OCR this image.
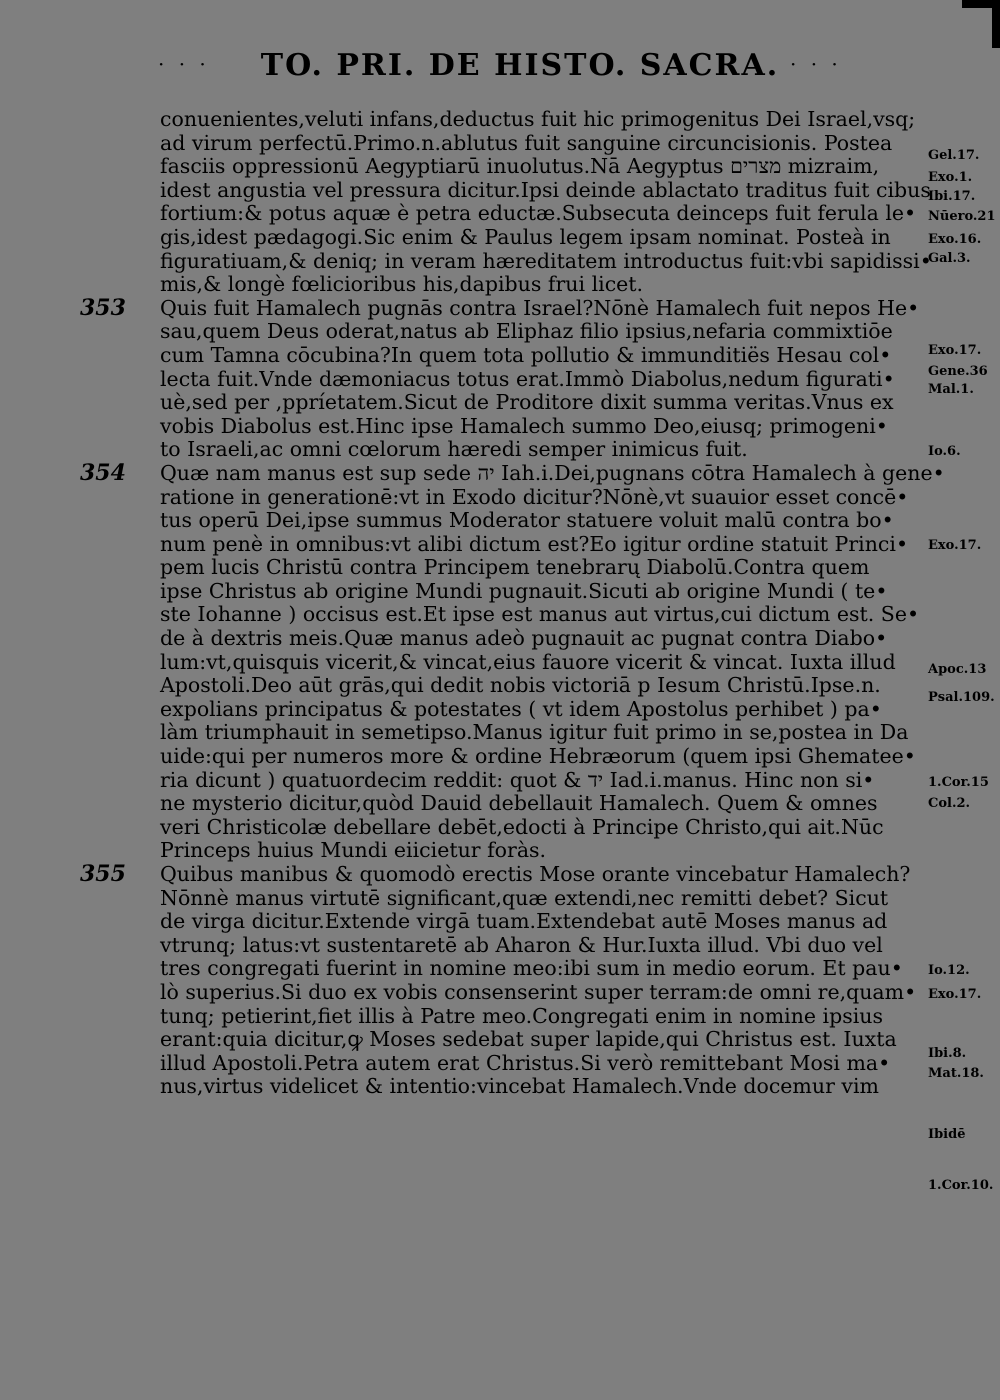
· · ·	TO. PRI. DE HISTO. SACRA. · · ·
conuenientes,veluti infans,deductus fuit hic primogenitus Dei Israel,vsq;
ad virum perfectū.Primo.n.ablutus fuit sanguine circuncisionis. Postea
fasciis oppressionū Aegyptiarū inuolutus.Nā Aegyptus מצרים mizraim,
idest angustia vel pressura dicitur.Ipsi deinde ablactato traditus fuit cibus
fortium:& potus aquæ è petra eductæ.Subsecuta deinceps fuit ferula le•
gis,idest pædagogi.Sic enim & Paulus legem ipsam nominat. Posteà in
figuratiuam,& deniq; in veram hæreditatem introductus fuit:vbi sapidissi•
mis,& longè fœlicioribus his,dapibus frui licet.
353 Quis fuit Hamalech pugnās contra Israel?Nōnè Hamalech fuit nepos He•
sau,quem Deus oderat,natus ab Eliphaz filio ipsius,nefaria commixtiōe
cum Tamna cōcubina?In quem tota pollutio & immunditiës Hesau col•
lecta fuit.Vnde dæmoniacus totus erat.Immò Diabolus,nedum figurati•
uè,sed per ,ppríetatem.Sicut de Proditore dixit summa veritas.Vnus ex
vobis Diabolus est.Hinc ipse Hamalech summo Deo,eiusq; primogeni•
to Israeli,ac omni cœlorum hæredi semper inimicus fuit.
354 Quæ nam manus est sup sede יה Iah.i.Dei,pugnans cōtra Hamalech à gene•
ratione in generationē:vt in Exodo dicitur?Nōnè,vt suauior esset concē•
tus operū Dei,ipse summus Moderator statuere voluit malū contra bo•
num penè in omnibus:vt alibi dictum est?Eo igitur ordine statuit Princi•
pem lucis Christū contra Principem tenebrarų Diabolū.Contra quem
ipse Christus ab origine Mundi pugnauit.Sicuti ab origine Mundi ( te•
ste Iohanne ) occisus est.Et ipse est manus aut virtus,cui dictum est. Se•
de à dextris meis.Quæ manus adeò pugnauit ac pugnat contra Diabo•
lum:vt,quisquis vicerit,& vincat,eius fauore vicerit & vincat. Iuxta illud
Apostoli.Deo aūt grās,qui dedit nobis victoriā p Iesum Christū.Ipse.n.
expolians principatus & potestates ( vt idem Apostolus perhibet ) pa•
làm triumphauit in semetipso.Manus igitur fuit primo in se,postea in Da
uide:qui per numeros more & ordine Hebræorum (quem ipsi Ghematee•
ria dicunt ) quatuordecim reddit: quot & יד Iad.i.manus. Hinc non si•
ne mysterio dicitur,quòd Dauid debellauit Hamalech. Quem & omnes
veri Christicolæ debellare debēt,edocti à Principe Christo,qui ait.Nūc
Princeps huius Mundi eiicietur foràs.
355 Quibus manibus & quomodò erectis Mose orante vincebatur Hamalech?
Nōnnè manus virtutē significant,quæ extendi,nec remitti debet? Sicut
de virga dicitur.Extende virgā tuam.Extendebat autē Moses manus ad
vtrunq; latus:vt sustentaretē ab Aharon & Hur.Iuxta illud. Vbi duo vel
tres congregati fuerint in nomine meo:ibi sum in medio eorum. Et pau•
lò superius.Si duo ex vobis consenserint super terram:de omni re,quam•
tunq; petierint,fiet illis à Patre meo.Congregati enim in nomine ipsius
erant:quia dicitur,ꝙ Moses sedebat super lapide,qui Christus est. Iuxta
illud Apostoli.Petra autem erat Christus.Si verò remittebant Mosi ma•
nus,virtus videlicet & intentio:vincebat Hamalech.Vnde docemur vim
Gel.17.
Exo.1.
Ibi.17.
Nūero.21
Exo.16.
Gal.3.
Exo.17.
Gene.36
Mal.1.
Io.6.
Exo.17.
Apoc.13
Psal.109.
1.Cor.15
Col.2.
Io.12.
Exo.17.
Ibi.8.
Mat.18.
Ibidē
1.Cor.10.
